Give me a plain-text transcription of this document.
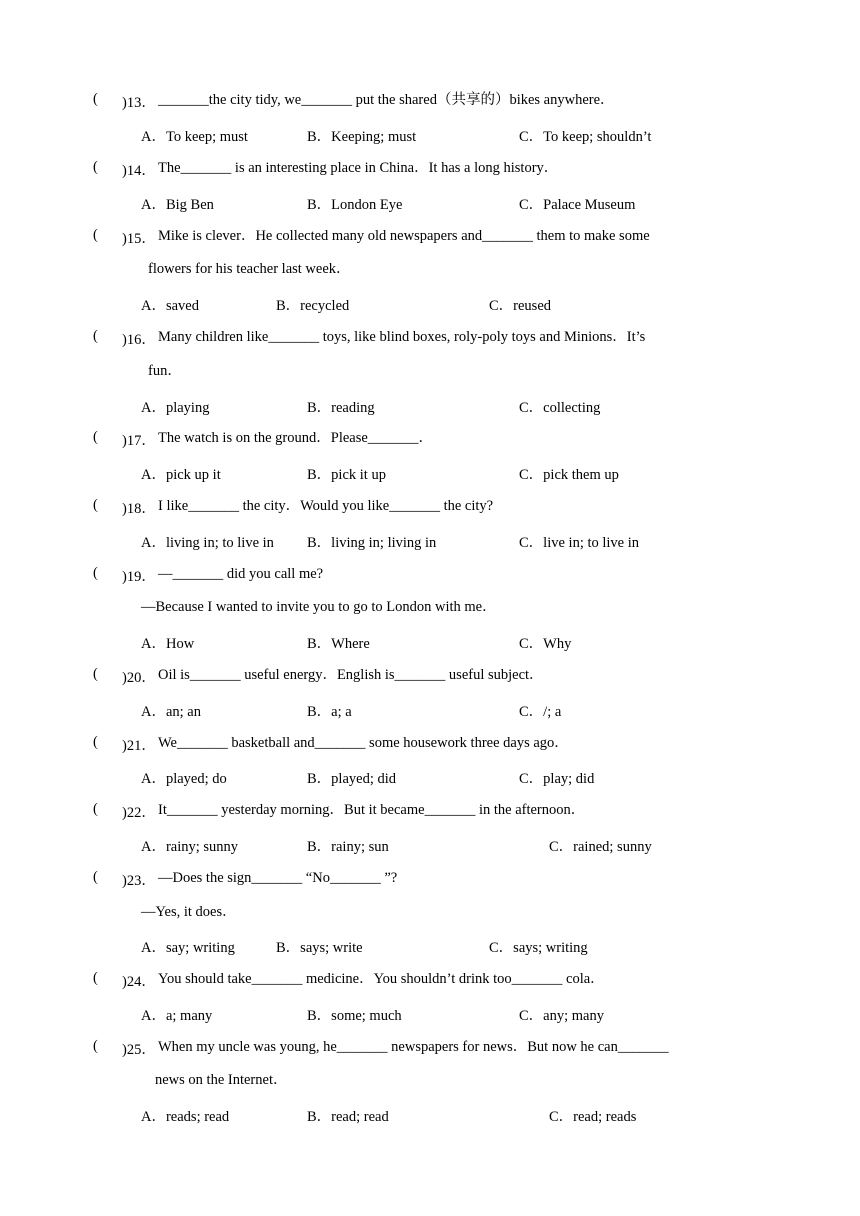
( )13． _______the city tidy, we_______ put the shared（共享的）bikes anywhere．
A．To keep; must	B．Keeping; must	C．To keep; shouldn’t
( )14． The_______ is an interesting place in China．It has a long history．
A．Big Ben	B．London Eye	C．Palace Museum
( )15． Mike is clever．He collected many old newspapers and_______ them to make some
flowers for his teacher last week．
A．saved	B．recycled	C．reused
( )16． Many children like_______ toys, like blind boxes, roly-poly toys and Minions．It’s
fun．
A．playing	B．reading	C．collecting
( )17． The watch is on the ground．Please_______．
A．pick up it	B．pick it up	C．pick them up
( )18． I like_______ the city．Would you like_______ the city?
A．living in; to live in B．living in; living in	C．live in; to live in
( )19． —_______ did you call me?
—Because I wanted to invite you to go to London with me．
A．How	B．Where	C．Why
( )20． Oil is_______ useful energy．English is_______ useful subject．
A．an; an	B．a; a	C．/; a
( )21． We_______ basketball and_______ some housework three days ago．
A．played; do	B．played; did	C．play; did
( )22． It_______ yesterday morning．But it became_______ in the afternoon．
A．rainy; sunny	B．rainy; sun	C．rained; sunny
( )23． —Does the sign_______ “No_______ ”?
—Yes, it does．
A．say; writing	B．says; write	C．says; writing
( )24． You should take_______ medicine．You shouldn’t drink too_______ cola．
A．a; many	B．some; much	C．any; many
( )25． When my uncle was young, he_______ newspapers for news．But now he can_______
news on the Internet．
A．reads; read	B．read; read	C．read; reads
